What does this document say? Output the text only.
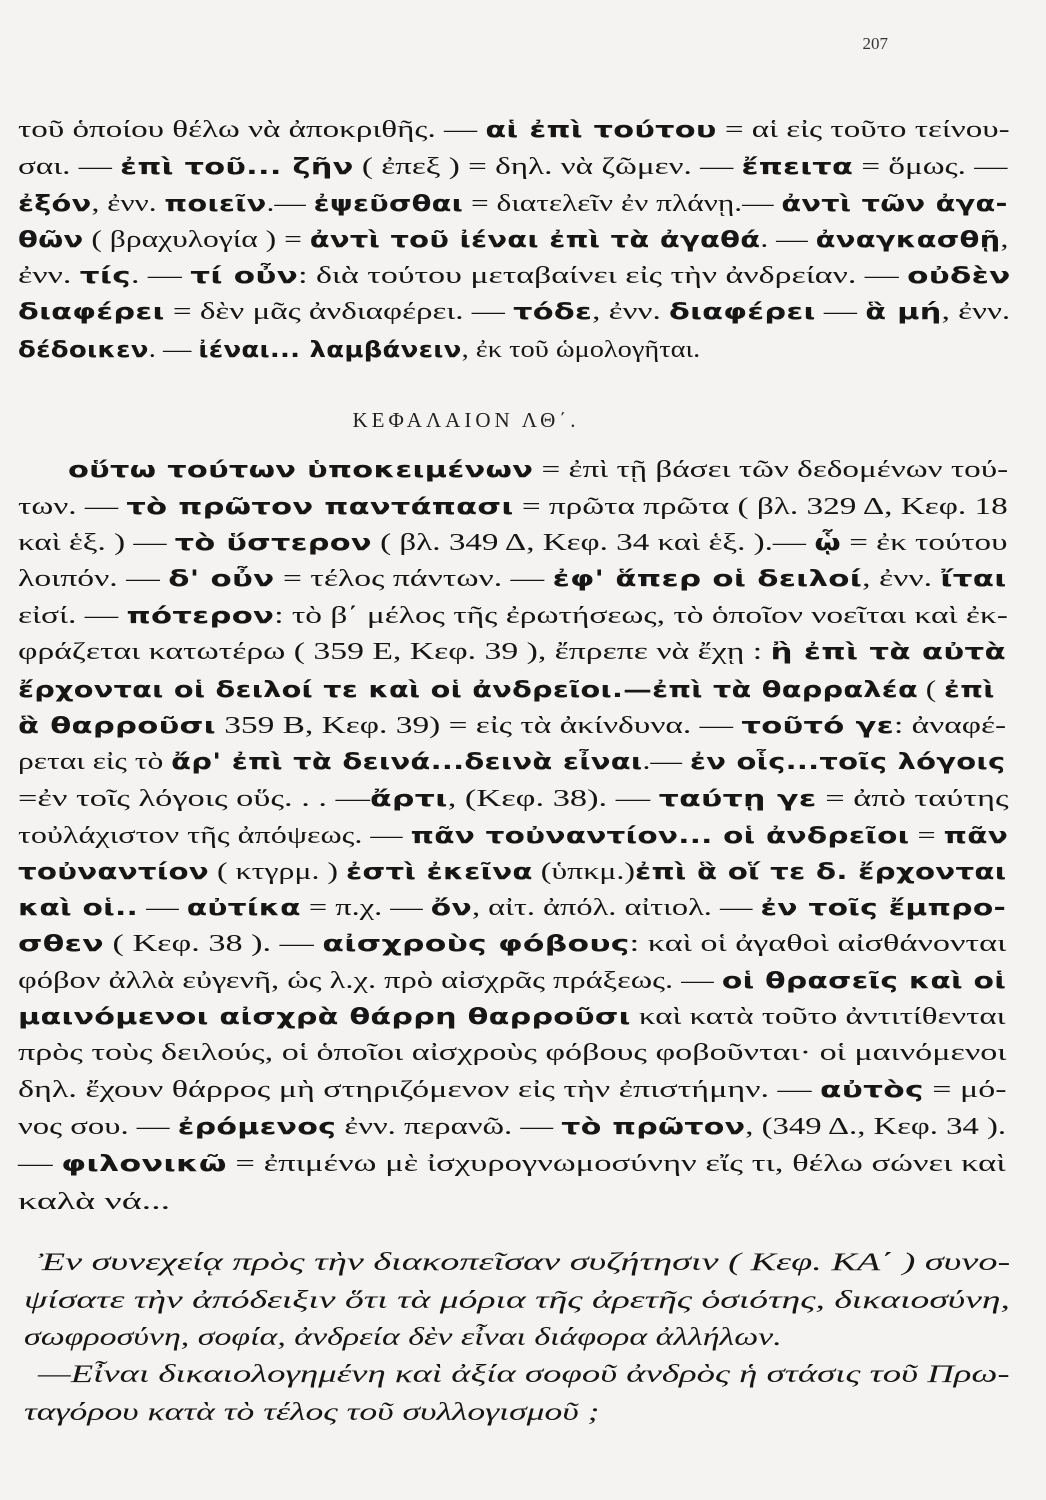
207
ΚΕΦΑΛΑΙΟΝ ΛΘ΄.
τοῦ ὁποίου θέλω νὰ ἀποκριθῆς. — αἱ ἐπὶ τούτου = αἱ εἰς τοῦτο τείνου-
σαι. — ἐπὶ τοῦ... ζῆν ( ἐπεξ ) = δηλ. νὰ ζῶμεν. — ἔπειτα = ὅμως. —
ἐξόν, ἐνν. ποιεῖν.— ἐψεῦσθαι = διατελεῖν ἐν πλάνῃ.— ἀντὶ τῶν ἀγα-
θῶν ( βραχυλογία ) = ἀντὶ τοῦ ἰέναι ἐπὶ τὰ ἀγαθά. — ἀναγκασθῇ,
ἐνν. τίς. — τί οὖν: διὰ τούτου μεταβαίνει εἰς τὴν ἀνδρείαν. — οὐδὲν
διαφέρει = δὲν μᾶς ἀνδιαφέρει. — τόδε, ἐνν. διαφέρει — ἃ μή, ἐνν.
δέδοικεν. — ἰέναι... λαμβάνειν, ἐκ τοῦ ὡμολογῆται.
οὕτω τούτων ὑποκειμένων = ἐπὶ τῇ βάσει τῶν δεδομένων τού-
των. — τὸ πρῶτον παντάπασι = πρῶτα πρῶτα ( βλ. 329 Δ, Κεφ. 18
καὶ ἑξ. ) — τὸ ὕστερον ( βλ. 349 Δ, Κεφ. 34 καὶ ἑξ. ).— ᾧ = ἐκ τούτου
λοιπόν. — δ' οὖν = τέλος πάντων. — ἐφ' ἅπερ οἱ δειλοί, ἐνν. ἴται
εἰσί. — πότερον: τὸ β΄ μέλος τῆς ἐρωτήσεως, τὸ ὁποῖον νοεῖται καὶ ἐκ-
φράζεται κατωτέρω ( 359 Ε, Κεφ. 39 ), ἔπρεπε νὰ ἔχῃ : ἢ ἐπὶ τὰ αὐτὰ
ἔρχονται οἱ δειλοί τε καὶ οἱ ἀνδρεῖοι.—ἐπὶ τὰ θαρραλέα ( ἐπὶ
ἃ θαρροῦσι 359 Β, Κεφ. 39) = εἰς τὰ ἀκίνδυνα. — τοῦτό γε: ἀναφέ-
ρεται εἰς τὸ ἄρ' ἐπὶ τὰ δεινά...δεινὰ εἶναι.— ἐν οἷς...τοῖς λόγοις
=ἐν τοῖς λόγοις οὕς. . . —ἄρτι, (Κεφ. 38). — ταύτῃ γε = ἀπὸ ταύτης
τοὐλάχιστον τῆς ἀπόψεως. — πᾶν τοὐναντίον... οἱ ἀνδρεῖοι = πᾶν
τοὐναντίον ( κτγρμ. ) ἐστὶ ἐκεῖνα (ὑπκμ.)ἐπὶ ἃ οἵ τε δ. ἔρχονται
καὶ οἱ.. — αὐτίκα = π.χ. — ὄν, αἰτ. ἀπόλ. αἰτιολ. — ἐν τοῖς ἔμπρο-
σθεν ( Κεφ. 38 ). — αἰσχροὺς φόβους: καὶ οἱ ἀγαθοὶ αἰσθάνονται
φόβον ἀλλὰ εὐγενῆ, ὡς λ.χ. πρὸ αἰσχρᾶς πράξεως. — οἱ θρασεῖς καὶ οἱ
μαινόμενοι αἰσχρὰ θάρρη θαρροῦσι καὶ κατὰ τοῦτο ἀντιτίθενται
πρὸς τοὺς δειλούς, οἱ ὁποῖοι αἰσχροὺς φόβους φοβοῦνται· οἱ μαινόμενοι
δηλ. ἔχουν θάρρος μὴ στηριζόμενον εἰς τὴν ἐπιστήμην. — αὐτὸς = μό-
νος σου. — ἐρόμενος ἐνν. περανῶ. — τὸ πρῶτον, (349 Δ., Κεφ. 34 ).
— φιλονικῶ = ἐπιμένω μὲ ἰσχυρογνωμοσύνην εἴς τι, θέλω σώνει καὶ
καλὰ νά...
Ἐν συνεχείᾳ πρὸς τὴν διακοπεῖσαν συζήτησιν ( Κεφ. ΚΑ΄ ) συνο-
ψίσατε τὴν ἀπόδειξιν ὅτι τὰ μόρια τῆς ἀρετῆς ὁσιότης, δικαιοσύνη,
σωφροσύνη, σοφία, ἀνδρεία δὲν εἶναι διάφορα ἀλλήλων.
—Εἶναι δικαιολογημένη καὶ ἀξία σοφοῦ ἀνδρὸς ἡ στάσις τοῦ Πρω-
ταγόρου κατὰ τὸ τέλος τοῦ συλλογισμοῦ ;
